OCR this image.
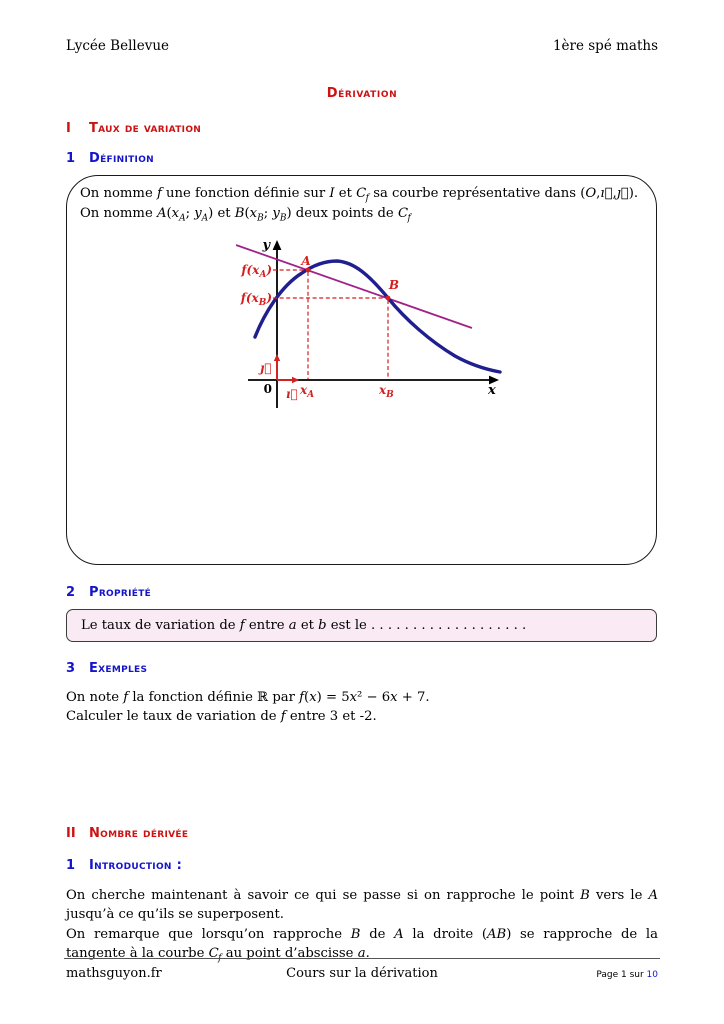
Lycée Bellevue	1ère spé maths
Dérivation
I	Taux de variation
1	Définition
On nomme f une fonction définie sur I et $C_f$ sa courbe représentative dans (O,ı⃗,ȷ⃗).
On nomme $A(x_A$; $y_A$) et $B(x_B$; $y_B$) deux points de $C_f$
y
x
0
A
B
$f(x_A)$
$f(x_B)$
$x_A$	$x_B$
ı⃗
ȷ⃗
2	Propriété
Le taux de variation de f entre a et b est le . . . . . . . . . . . . . . . . . . .
3	Exemples
On note f la fonction définie ℝ par f(x) = 5x² − 6x + 7.
Calculer le taux de variation de f entre 3 et -2.
II	Nombre dérivée
1	Introduction :
On cherche maintenant à savoir ce qui se passe si on rapproche le point B vers le A jusqu’à ce qu’ils se superposent.
On remarque que lorsqu’on rapproche B de A la droite (AB) se rapproche de la tangente à la courbe $C_f$ au point d’abscisse a.
mathsguyon.fr	Cours sur la dérivation	Page 1 sur 10
